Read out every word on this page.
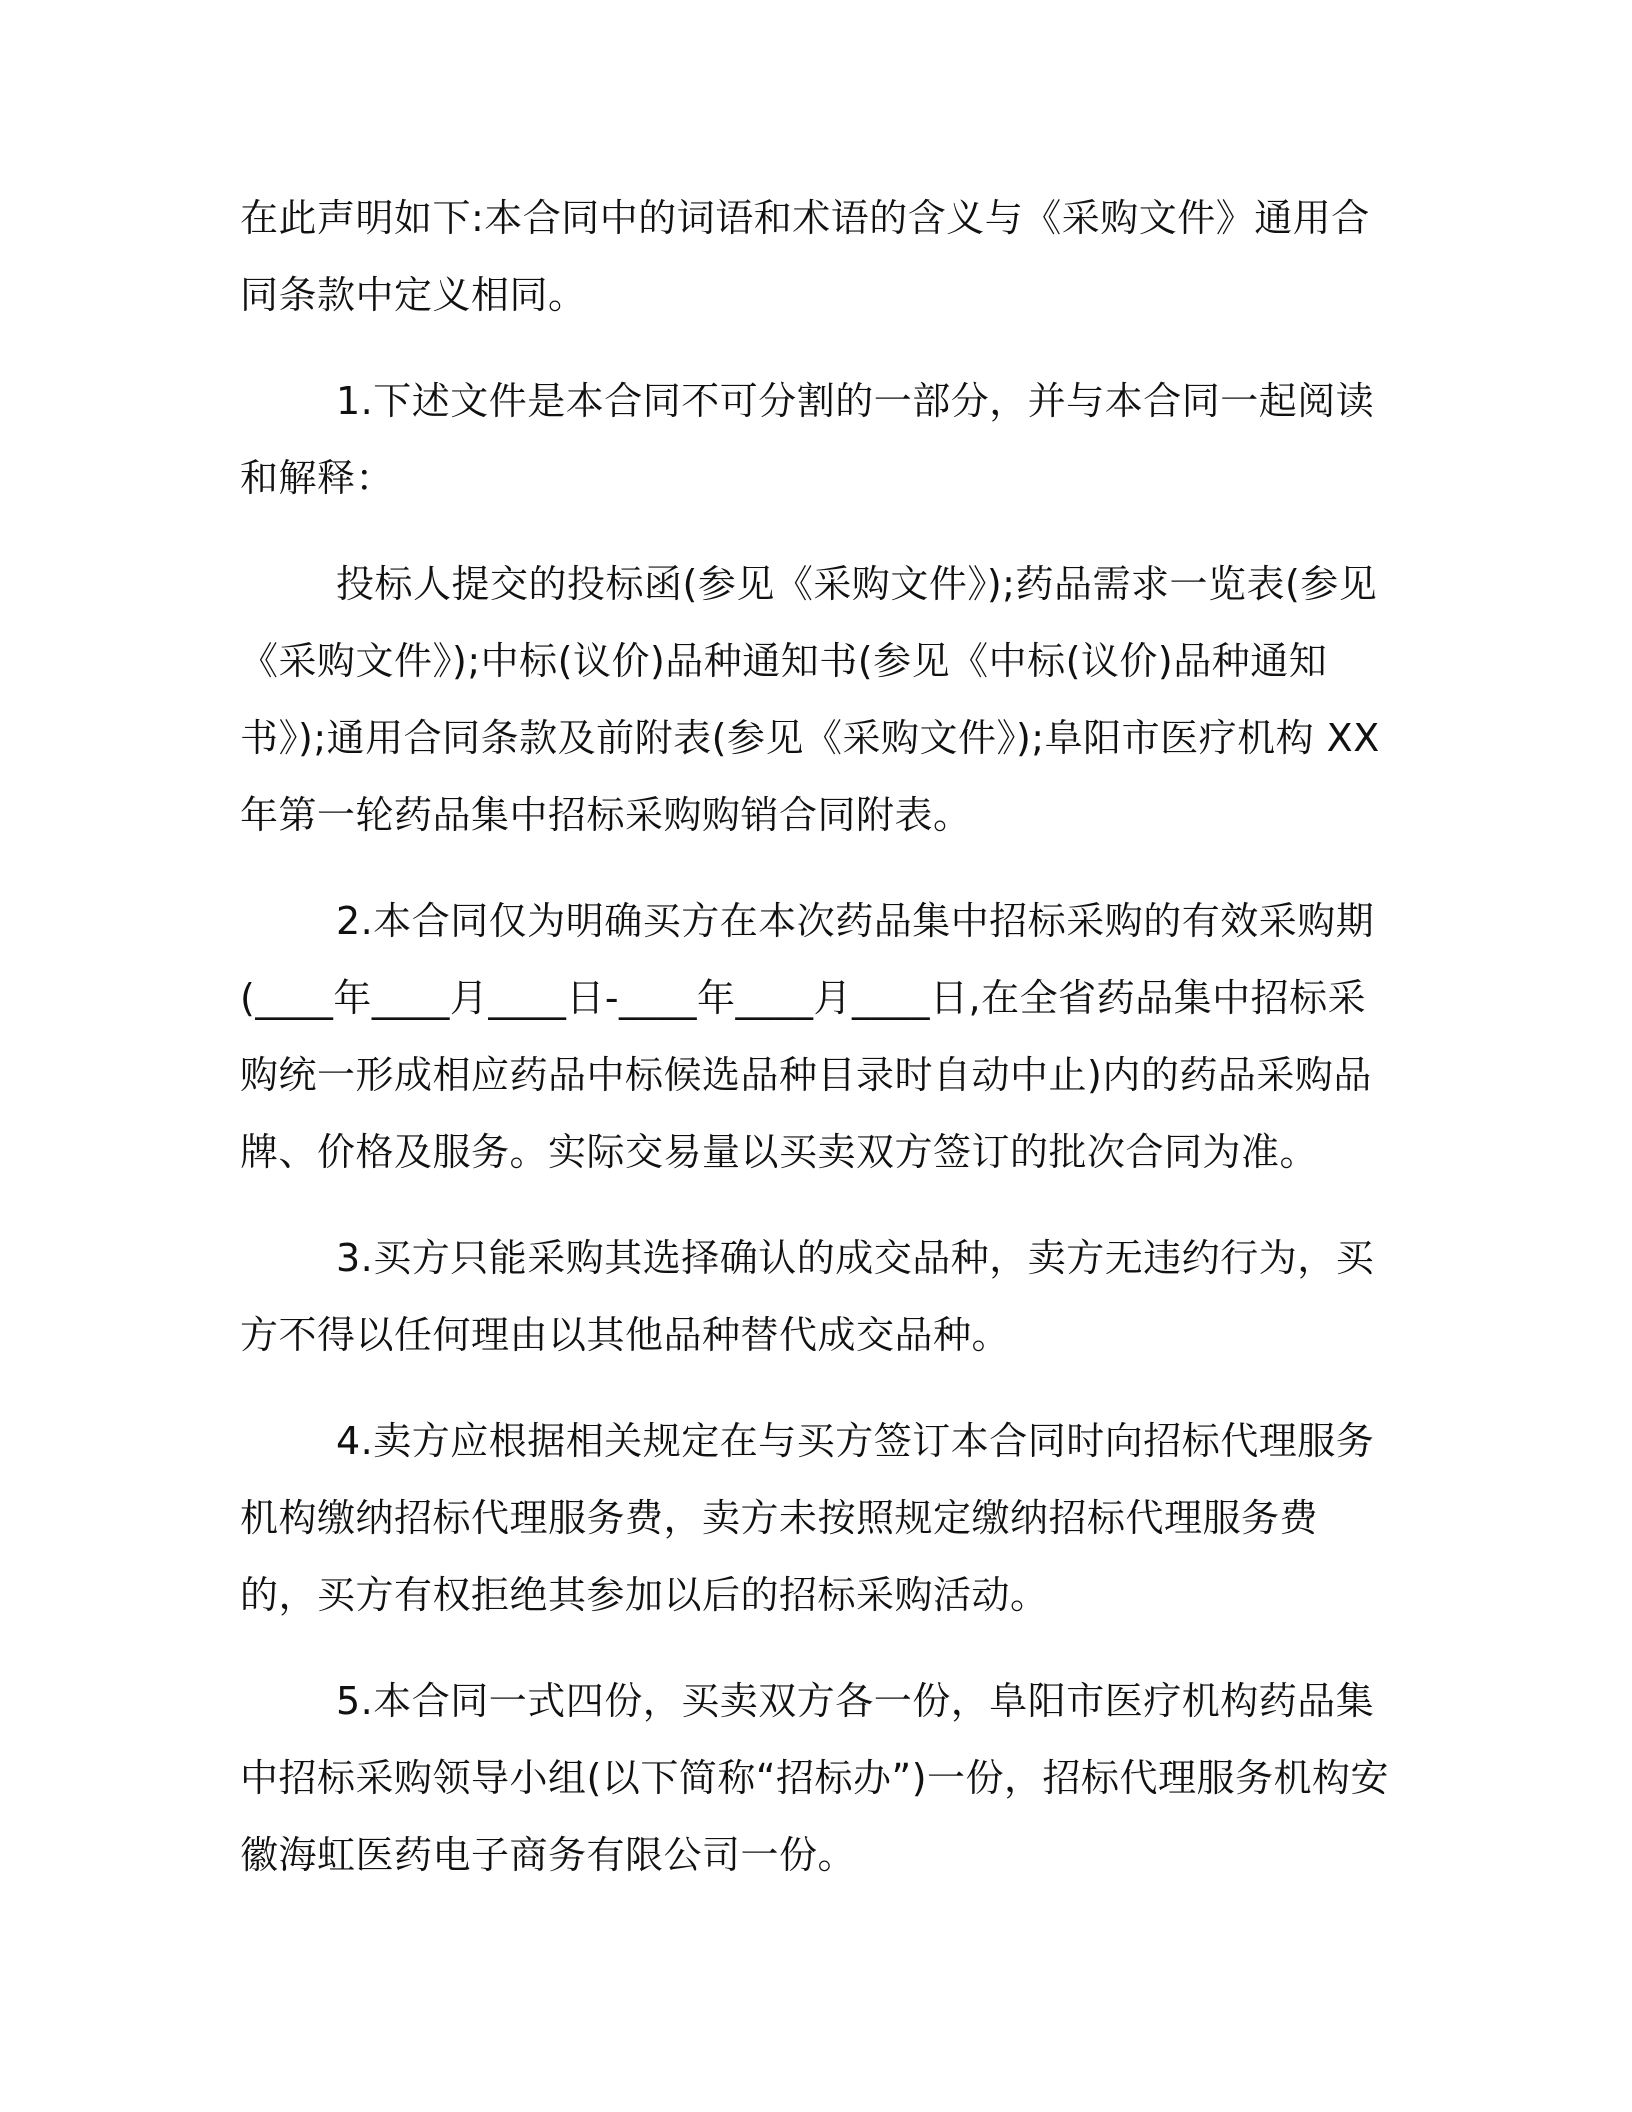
在此声明如下:本合同中的词语和术语的含义与《采购文件》通用合同条款中定义相同。

1.下述文件是本合同不可分割的一部分，并与本合同一起阅读和解释：

投标人提交的投标函(参见《采购文件》);药品需求一览表(参见《采购文件》);中标(议价)品种通知书(参见《中标(议价)品种通知书》);通用合同条款及前附表(参见《采购文件》);阜阳市医疗机构 XX 年第一轮药品集中招标采购购销合同附表。

2.本合同仅为明确买方在本次药品集中招标采购的有效采购期(____年____月____日-____年____月____日,在全省药品集中招标采购统一形成相应药品中标候选品种目录时自动中止)内的药品采购品牌、价格及服务。实际交易量以买卖双方签订的批次合同为准。

3.买方只能采购其选择确认的成交品种，卖方无违约行为，买方不得以任何理由以其他品种替代成交品种。

4.卖方应根据相关规定在与买方签订本合同时向招标代理服务机构缴纳招标代理服务费，卖方未按照规定缴纳招标代理服务费的，买方有权拒绝其参加以后的招标采购活动。

5.本合同一式四份，买卖双方各一份，阜阳市医疗机构药品集中招标采购领导小组(以下简称“招标办”)一份，招标代理服务机构安徽海虹医药电子商务有限公司一份。
